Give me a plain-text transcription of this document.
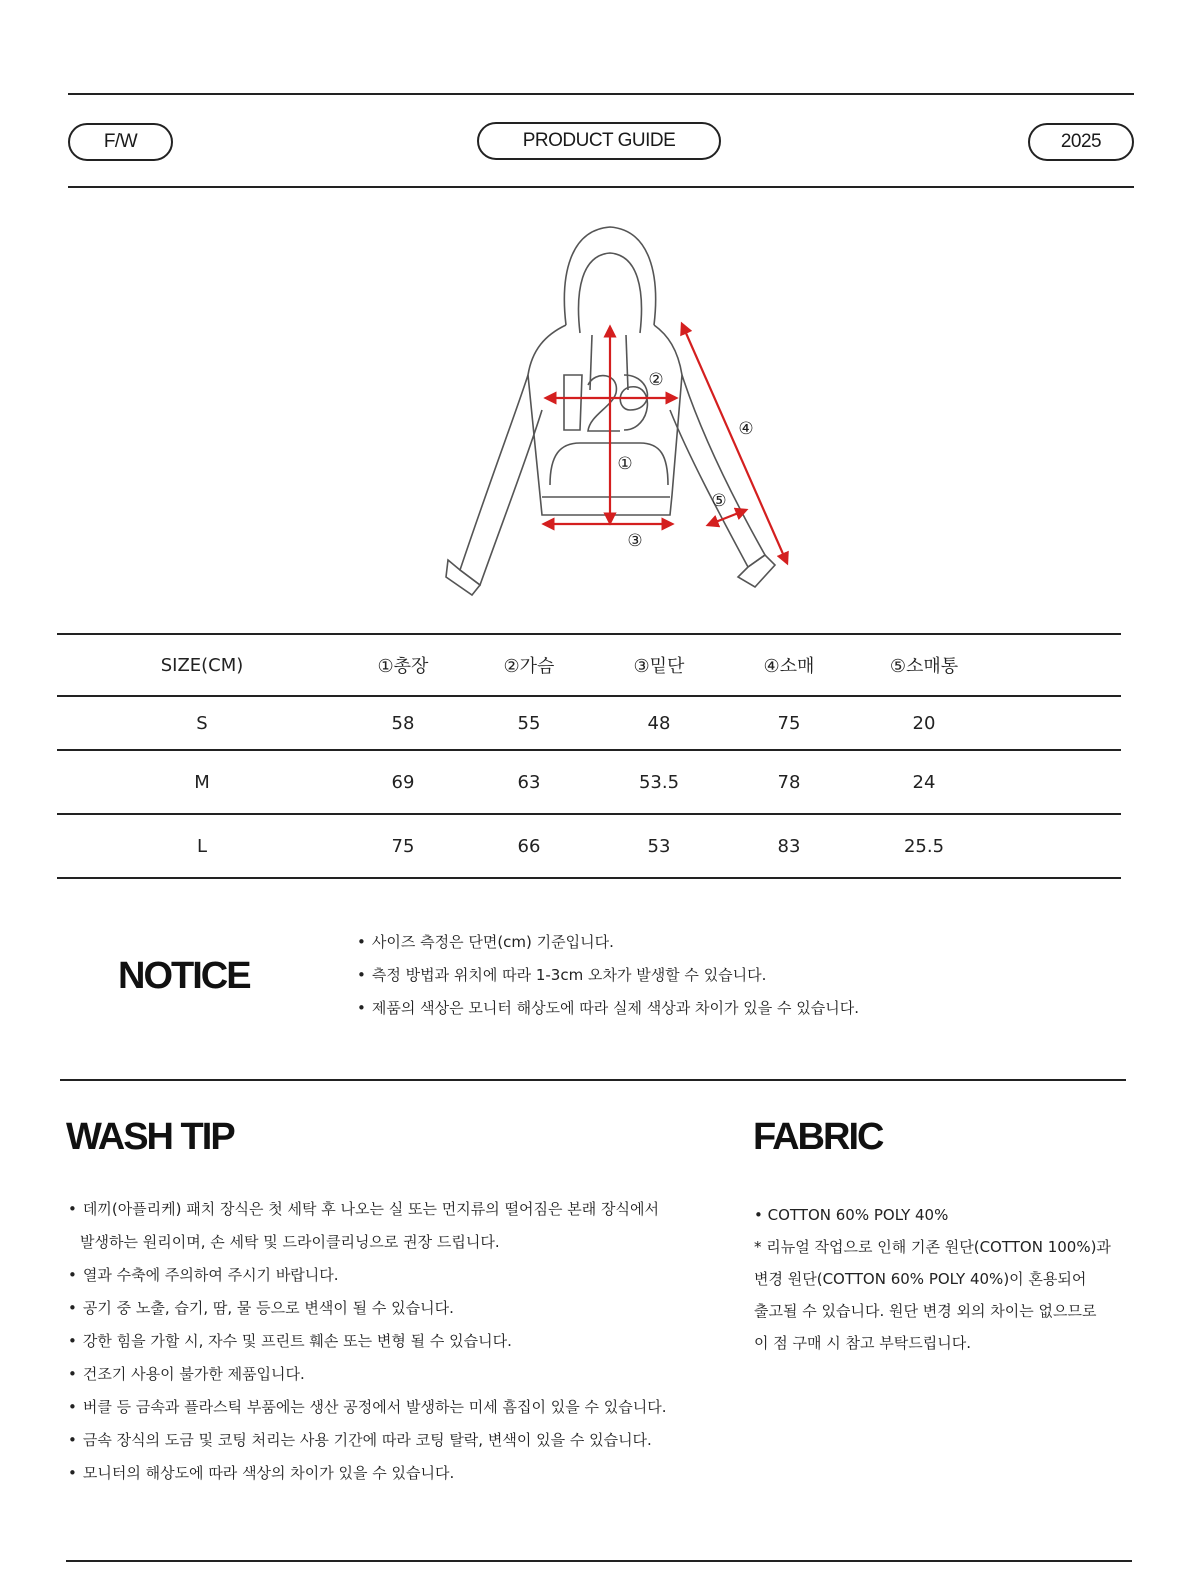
F/W	PRODUCT GUIDE	2025
①
②
③
④
⑤
SIZE(CM)	①총장	②가슴	③밑단	④소매	⑤소매통	
S	58	55	48	75	20	
M	69	63	53.5	78	24	
L	75	66	53	83	25.5	
NOTICE
• 사이즈 측정은 단면(cm) 기준입니다.
• 측정 방법과 위치에 따라 1-3cm 오차가 발생할 수 있습니다.
• 제품의 색상은 모니터 해상도에 따라 실제 색상과 차이가 있을 수 있습니다.
WASH TIP
• 데끼(아플리케) 패치 장식은 첫 세탁 후 나오는 실 또는 먼지류의 떨어짐은 본래 장식에서
발생하는 원리이며, 손 세탁 및 드라이클리닝으로 권장 드립니다.
• 열과 수축에 주의하여 주시기 바랍니다.
• 공기 중 노출, 습기, 땀, 물 등으로 변색이 될 수 있습니다.
• 강한 힘을 가할 시, 자수 및 프린트 훼손 또는 변형 될 수 있습니다.
• 건조기 사용이 불가한 제품입니다.
• 버클 등 금속과 플라스틱 부품에는 생산 공정에서 발생하는 미세 흠집이 있을 수 있습니다.
• 금속 장식의 도금 및 코팅 처리는 사용 기간에 따라 코팅 탈락, 변색이 있을 수 있습니다.
• 모니터의 해상도에 따라 색상의 차이가 있을 수 있습니다.
FABRIC
• COTTON 60% POLY 40%
* 리뉴얼 작업으로 인해 기존 원단(COTTON 100%)과
변경 원단(COTTON 60% POLY 40%)이 혼용되어
출고될 수 있습니다. 원단 변경 외의 차이는 없으므로
이 점 구매 시 참고 부탁드립니다.
